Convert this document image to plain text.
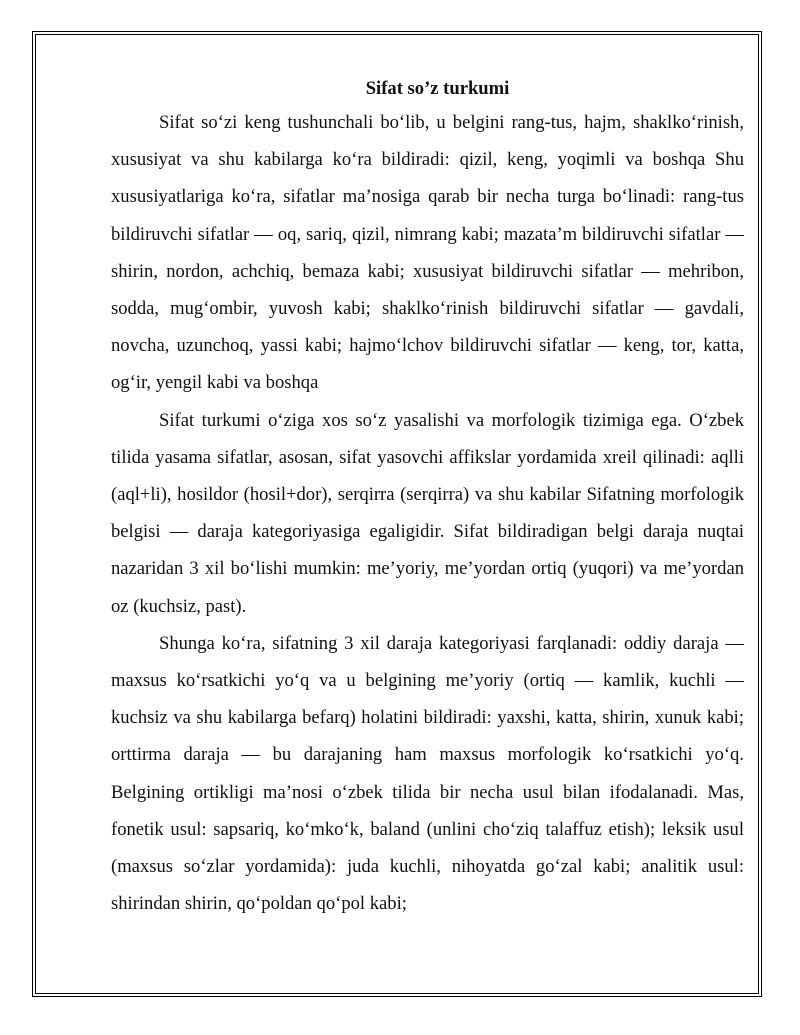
Sifat so’z turkumi

Sifat so‘zi keng tushunchali bo‘lib, u belgini rang-tus, hajm, shaklko‘rinish, xususiyat va shu kabilarga ko‘ra bildiradi: qizil, keng, yoqimli va boshqa Shu xususiyatlariga ko‘ra, sifatlar ma’nosiga qarab bir necha turga bo‘linadi: rang-tus bildiruvchi sifatlar — oq, sariq, qizil, nimrang kabi; mazata’m bildiruvchi sifatlar — shirin, nordon, achchiq, bemaza kabi; xususiyat bildiruvchi sifatlar — mehribon, sodda, mug‘ombir, yuvosh kabi; shaklko‘rinish bildiruvchi sifatlar — gavdali, novcha, uzunchoq, yassi kabi; hajmo‘lchov bildiruvchi sifatlar — keng, tor, katta, og‘ir, yengil kabi va boshqa

Sifat turkumi o‘ziga xos so‘z yasalishi va morfologik tizimiga ega. O‘zbek tilida yasama sifatlar, asosan, sifat yasovchi affikslar yordamida xreil qilinadi: aqlli (aql+li), hosildor (hosil+dor), serqirra (serqirra) va shu kabilar Sifatning morfologik belgisi — daraja kategoriyasiga egaligidir. Sifat bildiradigan belgi daraja nuqtai nazaridan 3 xil bo‘lishi mumkin: me’yoriy, me’yordan ortiq (yuqori) va me’yordan oz (kuchsiz, past).

Shunga ko‘ra, sifatning 3 xil daraja kategoriyasi farqlanadi: oddiy daraja —maxsus ko‘rsatkichi yo‘q va u belgining me’yoriy (ortiq — kamlik, kuchli — kuchsiz va shu kabilarga befarq) holatini bildiradi: yaxshi, katta, shirin, xunuk kabi; orttirma daraja — bu darajaning ham maxsus morfologik ko‘rsatkichi yo‘q. Belgining ortikligi ma’nosi o‘zbek tilida bir necha usul bilan ifodalanadi. Mas, fonetik usul: sapsariq, ko‘mko‘k, baland (unlini cho‘ziq talaffuz etish); leksik usul (maxsus so‘zlar yordamida): juda kuchli, nihoyatda go‘zal kabi; analitik usul: shirindan shirin, qo‘poldan qo‘pol kabi;
